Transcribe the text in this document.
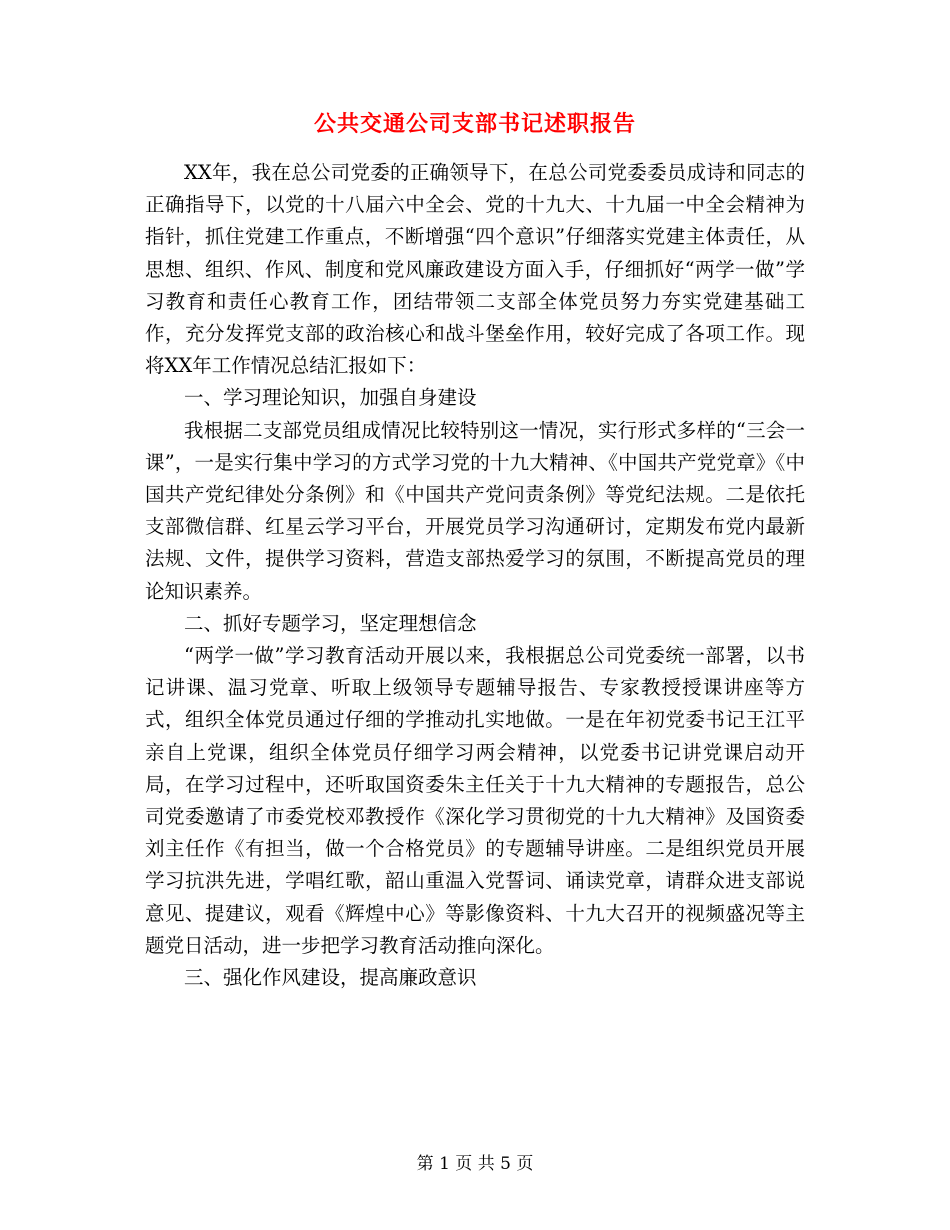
公共交通公司支部书记述职报告

XX年，我在总公司党委的正确领导下，在总公司党委委员成诗和同志的正确指导下，以党的十八届六中全会、党的十九大、十九届一中全会精神为指针，抓住党建工作重点，不断增强“四个意识”仔细落实党建主体责任，从思想、组织、作风、制度和党风廉政建设方面入手，仔细抓好“两学一做”学习教育和责任心教育工作，团结带领二支部全体党员努力夯实党建基础工作，充分发挥党支部的政治核心和战斗堡垒作用，较好完成了各项工作。现将XX年工作情况总结汇报如下：

一、学习理论知识，加强自身建设

我根据二支部党员组成情况比较特别这一情况，实行形式多样的“三会一课”，一是实行集中学习的方式学习党的十九大精神、《中国共产党党章》《中国共产党纪律处分条例》和《中国共产党问责条例》等党纪法规。二是依托支部微信群、红星云学习平台，开展党员学习沟通研讨，定期发布党内最新法规、文件，提供学习资料，营造支部热爱学习的氛围，不断提高党员的理论知识素养。

二、抓好专题学习，坚定理想信念

“两学一做”学习教育活动开展以来，我根据总公司党委统一部署，以书记讲课、温习党章、听取上级领导专题辅导报告、专家教授授课讲座等方式，组织全体党员通过仔细的学推动扎实地做。一是在年初党委书记王江平亲自上党课，组织全体党员仔细学习两会精神，以党委书记讲党课启动开局，在学习过程中，还听取国资委朱主任关于十九大精神的专题报告，总公司党委邀请了市委党校邓教授作《深化学习贯彻党的十九大精神》及国资委刘主任作《有担当，做一个合格党员》的专题辅导讲座。二是组织党员开展学习抗洪先进，学唱红歌，韶山重温入党誓词、诵读党章，请群众进支部说意见、提建议，观看《辉煌中心》等影像资料、十九大召开的视频盛况等主题党日活动，进一步把学习教育活动推向深化。

三、强化作风建设，提高廉政意识

第 1 页 共 5 页
